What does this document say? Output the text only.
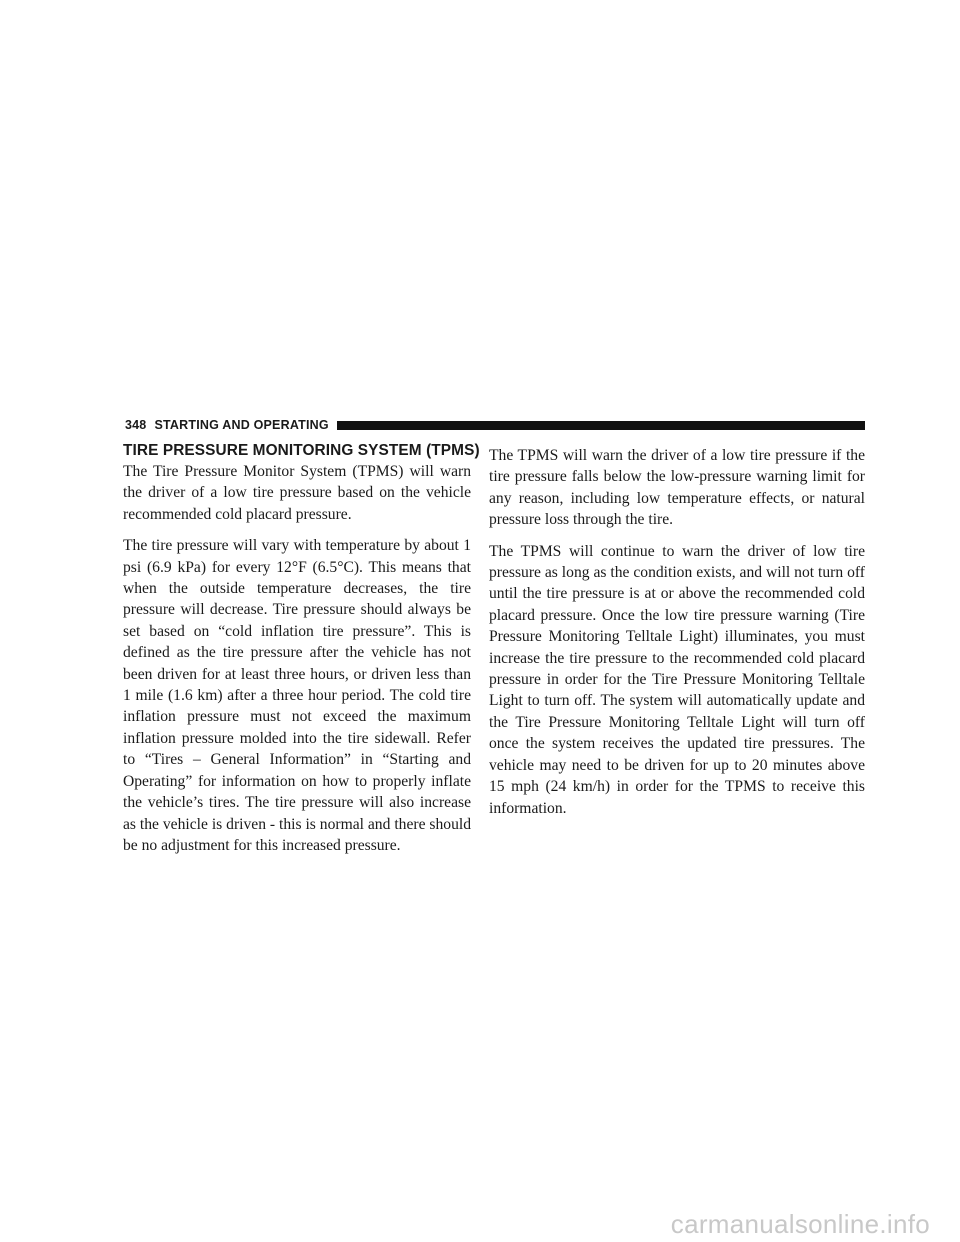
348 STARTING AND OPERATING
TIRE PRESSURE MONITORING SYSTEM (TPMS)

The Tire Pressure Monitor System (TPMS) will warn the driver of a low tire pressure based on the vehicle recommended cold placard pressure.

The tire pressure will vary with temperature by about 1 psi (6.9 kPa) for every 12°F (6.5°C). This means that when the outside temperature decreases, the tire pressure will decrease. Tire pressure should always be set based on “cold inflation tire pressure”. This is defined as the tire pressure after the vehicle has not been driven for at least three hours, or driven less than 1 mile (1.6 km) after a three hour period. The cold tire inflation pressure must not exceed the maximum inflation pressure molded into the tire sidewall. Refer to “Tires – General Information” in “Starting and Operating” for information on how to properly inflate the vehicle’s tires. The tire pressure will also increase as the vehicle is driven - this is normal and there should be no adjustment for this increased pressure.

The TPMS will warn the driver of a low tire pressure if the tire pressure falls below the low-pressure warning limit for any reason, including low temperature effects, or natural pressure loss through the tire.

The TPMS will continue to warn the driver of low tire pressure as long as the condition exists, and will not turn off until the tire pressure is at or above the recommended cold placard pressure. Once the low tire pressure warning (Tire Pressure Monitoring Telltale Light) illuminates, you must increase the tire pressure to the recommended cold placard pressure in order for the Tire Pressure Monitoring Telltale Light to turn off. The system will automatically update and the Tire Pressure Monitoring Telltale Light will turn off once the system receives the updated tire pressures. The vehicle may need to be driven for up to 20 minutes above 15 mph (24 km/h) in order for the TPMS to receive this information.

carmanualsonline.info
